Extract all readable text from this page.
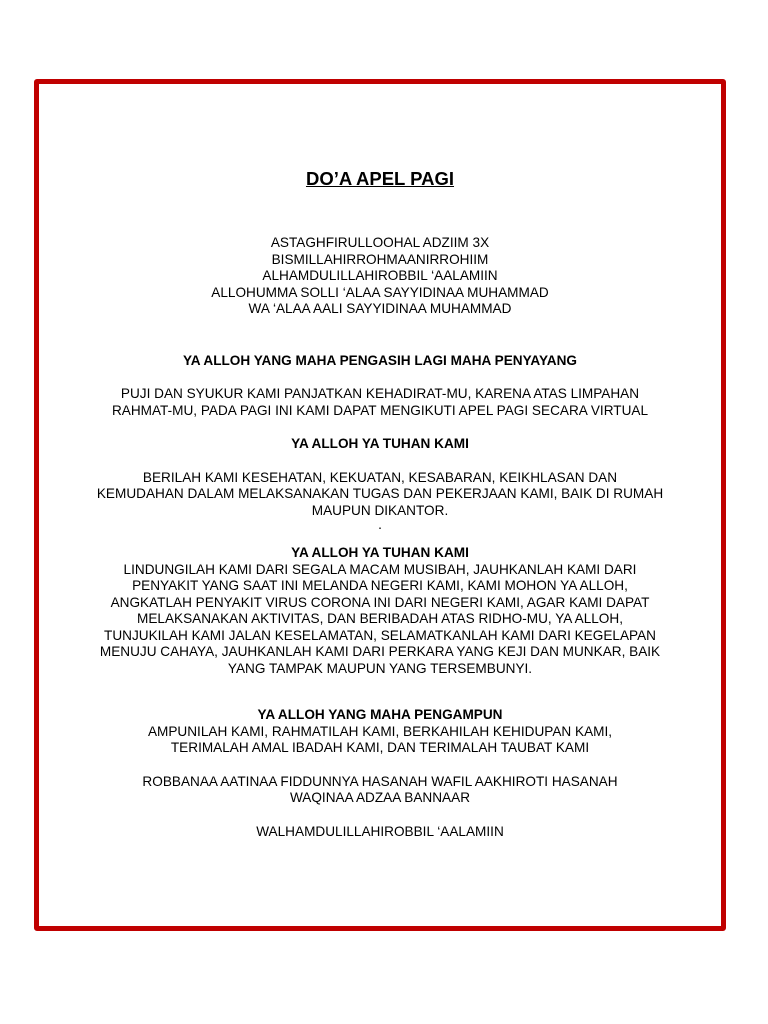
DO’A APEL PAGI

ASTAGHFIRULLOOHAL ADZIIM 3X
BISMILLAHIRROHMAANIRROHIIM
ALHAMDULILLAHIROBBIL ‘AALAMIIN
ALLOHUMMA SOLLI ‘ALAA SAYYIDINAA MUHAMMAD
WA ‘ALAA AALI SAYYIDINAA MUHAMMAD
YA ALLOH YANG MAHA PENGASIH LAGI MAHA PENYAYANG
PUJI DAN SYUKUR KAMI PANJATKAN KEHADIRAT-MU, KARENA ATAS LIMPAHAN
RAHMAT-MU, PADA PAGI INI KAMI DAPAT MENGIKUTI APEL PAGI SECARA VIRTUAL
YA ALLOH YA TUHAN KAMI
BERILAH KAMI KESEHATAN, KEKUATAN, KESABARAN, KEIKHLASAN DAN
KEMUDAHAN DALAM MELAKSANAKAN TUGAS DAN PEKERJAAN KAMI, BAIK DI RUMAH
MAUPUN DIKANTOR.
.
YA ALLOH YA TUHAN KAMI
LINDUNGILAH KAMI DARI SEGALA MACAM MUSIBAH, JAUHKANLAH KAMI DARI
PENYAKIT YANG SAAT INI MELANDA NEGERI KAMI, KAMI MOHON YA ALLOH,
ANGKATLAH PENYAKIT VIRUS CORONA INI DARI NEGERI KAMI, AGAR KAMI DAPAT
MELAKSANAKAN AKTIVITAS, DAN BERIBADAH ATAS RIDHO-MU, YA ALLOH,
TUNJUKILAH KAMI JALAN KESELAMATAN, SELAMATKANLAH KAMI DARI KEGELAPAN
MENUJU CAHAYA, JAUHKANLAH KAMI DARI PERKARA YANG KEJI DAN MUNKAR, BAIK
YANG TAMPAK MAUPUN YANG TERSEMBUNYI.
YA ALLOH YANG MAHA PENGAMPUN
AMPUNILAH KAMI, RAHMATILAH KAMI, BERKAHILAH KEHIDUPAN KAMI,
TERIMALAH AMAL IBADAH KAMI, DAN TERIMALAH TAUBAT KAMI
ROBBANAA AATINAA FIDDUNNYA HASANAH WAFIL AAKHIROTI HASANAH
WAQINAA ADZAA BANNAAR
WALHAMDULILLAHIROBBIL ‘AALAMIIN
